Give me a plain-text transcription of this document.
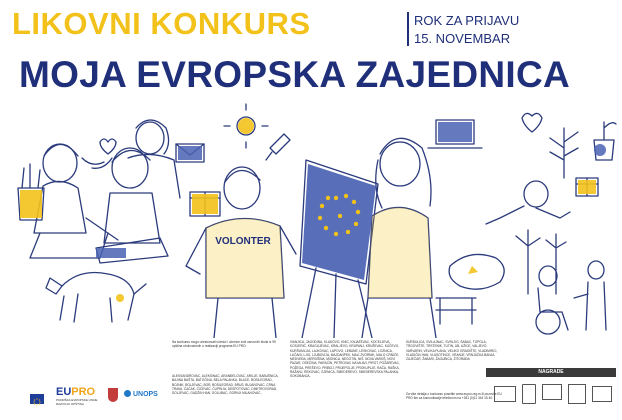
LIKOVNI KONKURS	ROK ZA PRIJAVU
15. NOVEMBAR
MOJA EVROPSKA ZAJEDNICA
VOLONTER
Na konkursu mogu učestvovati učenici i učenice sviš osnovnih škola iz 99 opština obuhvaćenih u realizaciji programa EU PRO:
ALEKSANDROVAC, ALEKSINAC, ARANĐELOVAC, ARILJE, BABUŠNICA, BAJINA BAŠTA, BATOČINA, BELA PALANKA, BLACE, BOSILEGRAD, BOJNIK, BOLJEVAC, BOR, BOSILEGRAD, BRUS, BUJANOVAC, CRNA TRAVA, ĆAČAK, ĆIĆEVAC, ĆUPRIJA, DESPOTOVAC, DIMITROVGRAD, DOLJEVAC, GADŽIN HAN, GOLUBAC, GORNJI MILANOVAC,
IVANJICA, JAGODINA, KLADOVO, KNIĆ, KNJAŽEVAC, KOCELJEVA, KOSJERIĆ, KRAGUJEVAC, KRALJEVO, KRUPANJ, KRUŠEVAC, KUČEVO, KURŠUMLIJA, LAJKOVAC, LAPOVO, LEBANE, LESKOVAC, LOZNICA, LUČANI, LJIG, LJUBOVIJA, MAJDANPEK, MALI ZVORNIK, MALO CRNIĆE, MEDVEĐA, MEROŠINA, MIONICA, NEGOTIN, NIŠ, NOVA VAROŠ, NOVI PAZAR, OSEČINA, PARAĆIN, PETROVAC NA MLAVI, PIROT, POŽAREVAC, POŽEGA, PREŠEVO, PRIBOJ, PRIJEPOLJE, PROKUPLJE, RAČA, RAŠKA, RAŽANJ, REKOVAC, SJENICA, SMEDEREVO, SMEDEREVSKA PALANKA, SOKOBANJA,
SURDULICA, SVILAJNAC, SVRLJIG, ŠABAC, TOPOLA, TRGOVIŠTE, TRSTENIK, TUTIN, UB, UŽICE, VALJEVO, VARVARIN, VELIKA PLANA, VELIKO GRADIŠTE, VLADIMIRCI, VLADIČIN HAN, VLASOTINCE, VRANJE, VRNJAČKA BANJA, ZAJEČAR, ŽABARI, ŽAGUBICA, ŽITORAĐA
Za više detalja o konkursu posetite www.eupro.org.rs ili pozovite EU PRO tim za komunikacije telefonom na +381 (0)11 344 15 40.
EUPRO
PODRŠKA EVROPSKE UNIJE RAZVOJU OPŠTINA
UNOPS
NAGRADE
